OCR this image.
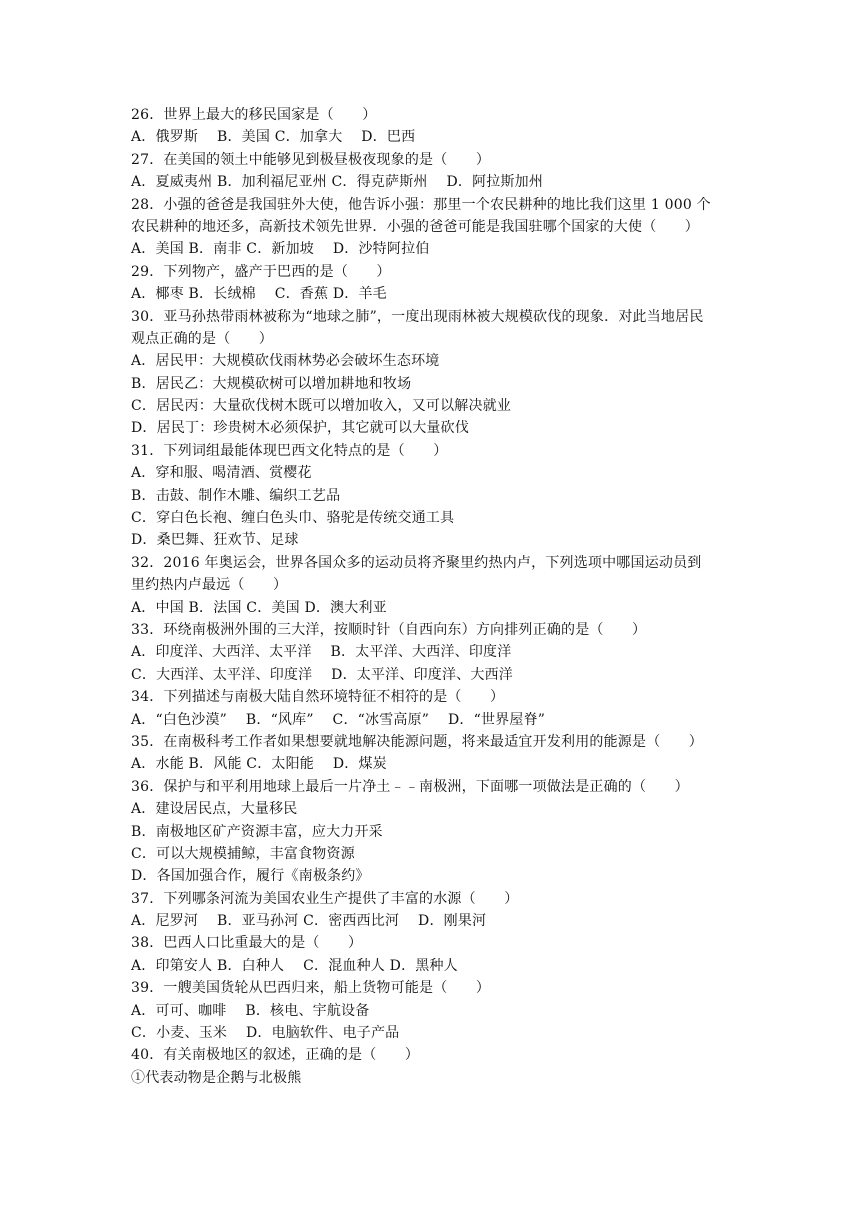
26．世界上最大的移民国家是（　　）
A．俄罗斯　 B．美国 C．加拿大　 D．巴西
27．在美国的领土中能够见到极昼极夜现象的是（　　）
A．夏威夷州 B．加利福尼亚州 C．得克萨斯州　 D．阿拉斯加州
28．小强的爸爸是我国驻外大使，他告诉小强：那里一个农民耕种的地比我们这里 1 000 个
农民耕种的地还多，高新技术领先世界．小强的爸爸可能是我国驻哪个国家的大使（　　）
A．美国 B．南非 C．新加坡　 D．沙特阿拉伯
29．下列物产，盛产于巴西的是（　　）
A．椰枣 B．长绒棉　 C．香蕉 D．羊毛
30．亚马孙热带雨林被称为“地球之肺”，一度出现雨林被大规模砍伐的现象．对此当地居民
观点正确的是（　　）
A．居民甲：大规模砍伐雨林势必会破坏生态环境
B．居民乙：大规模砍树可以增加耕地和牧场
C．居民丙：大量砍伐树木既可以增加收入，又可以解决就业
D．居民丁：珍贵树木必须保护，其它就可以大量砍伐
31．下列词组最能体现巴西文化特点的是（　　）
A．穿和服、喝清酒、赏樱花
B．击鼓、制作木雕、编织工艺品
C．穿白色长袍、缠白色头巾、骆驼是传统交通工具
D．桑巴舞、狂欢节、足球
32．2016 年奥运会，世界各国众多的运动员将齐聚里约热内卢，下列选项中哪国运动员到
里约热内卢最远（　　）
A．中国 B．法国 C．美国 D．澳大利亚
33．环绕南极洲外围的三大洋，按顺时针（自西向东）方向排列正确的是（　　）
A．印度洋、大西洋、太平洋　 B．太平洋、大西洋、印度洋
C．大西洋、太平洋、印度洋　 D．太平洋、印度洋、大西洋
34．下列描述与南极大陆自然环境特征不相符的是（　　）
A．“白色沙漠”　 B．“风库”　 C．“冰雪高原”　 D．“世界屋脊”
35．在南极科考工作者如果想要就地解决能源问题，将来最适宜开发利用的能源是（　　）
A．水能 B．风能 C．太阳能　 D．煤炭
36．保护与和平利用地球上最后一片净土﹣﹣南极洲，下面哪一项做法是正确的（　　）
A．建设居民点，大量移民
B．南极地区矿产资源丰富，应大力开采
C．可以大规模捕鲸，丰富食物资源
D．各国加强合作，履行《南极条约》
37．下列哪条河流为美国农业生产提供了丰富的水源（　　）
A．尼罗河　 B．亚马孙河 C．密西西比河　 D．刚果河
38．巴西人口比重最大的是（　　）
A．印第安人 B．白种人　 C．混血种人 D．黑种人
39．一艘美国货轮从巴西归来，船上货物可能是（　　）
A．可可、咖啡　 B．核电、宇航设备
C．小麦、玉米　 D．电脑软件、电子产品
40．有关南极地区的叙述，正确的是（　　）
①代表动物是企鹅与北极熊
